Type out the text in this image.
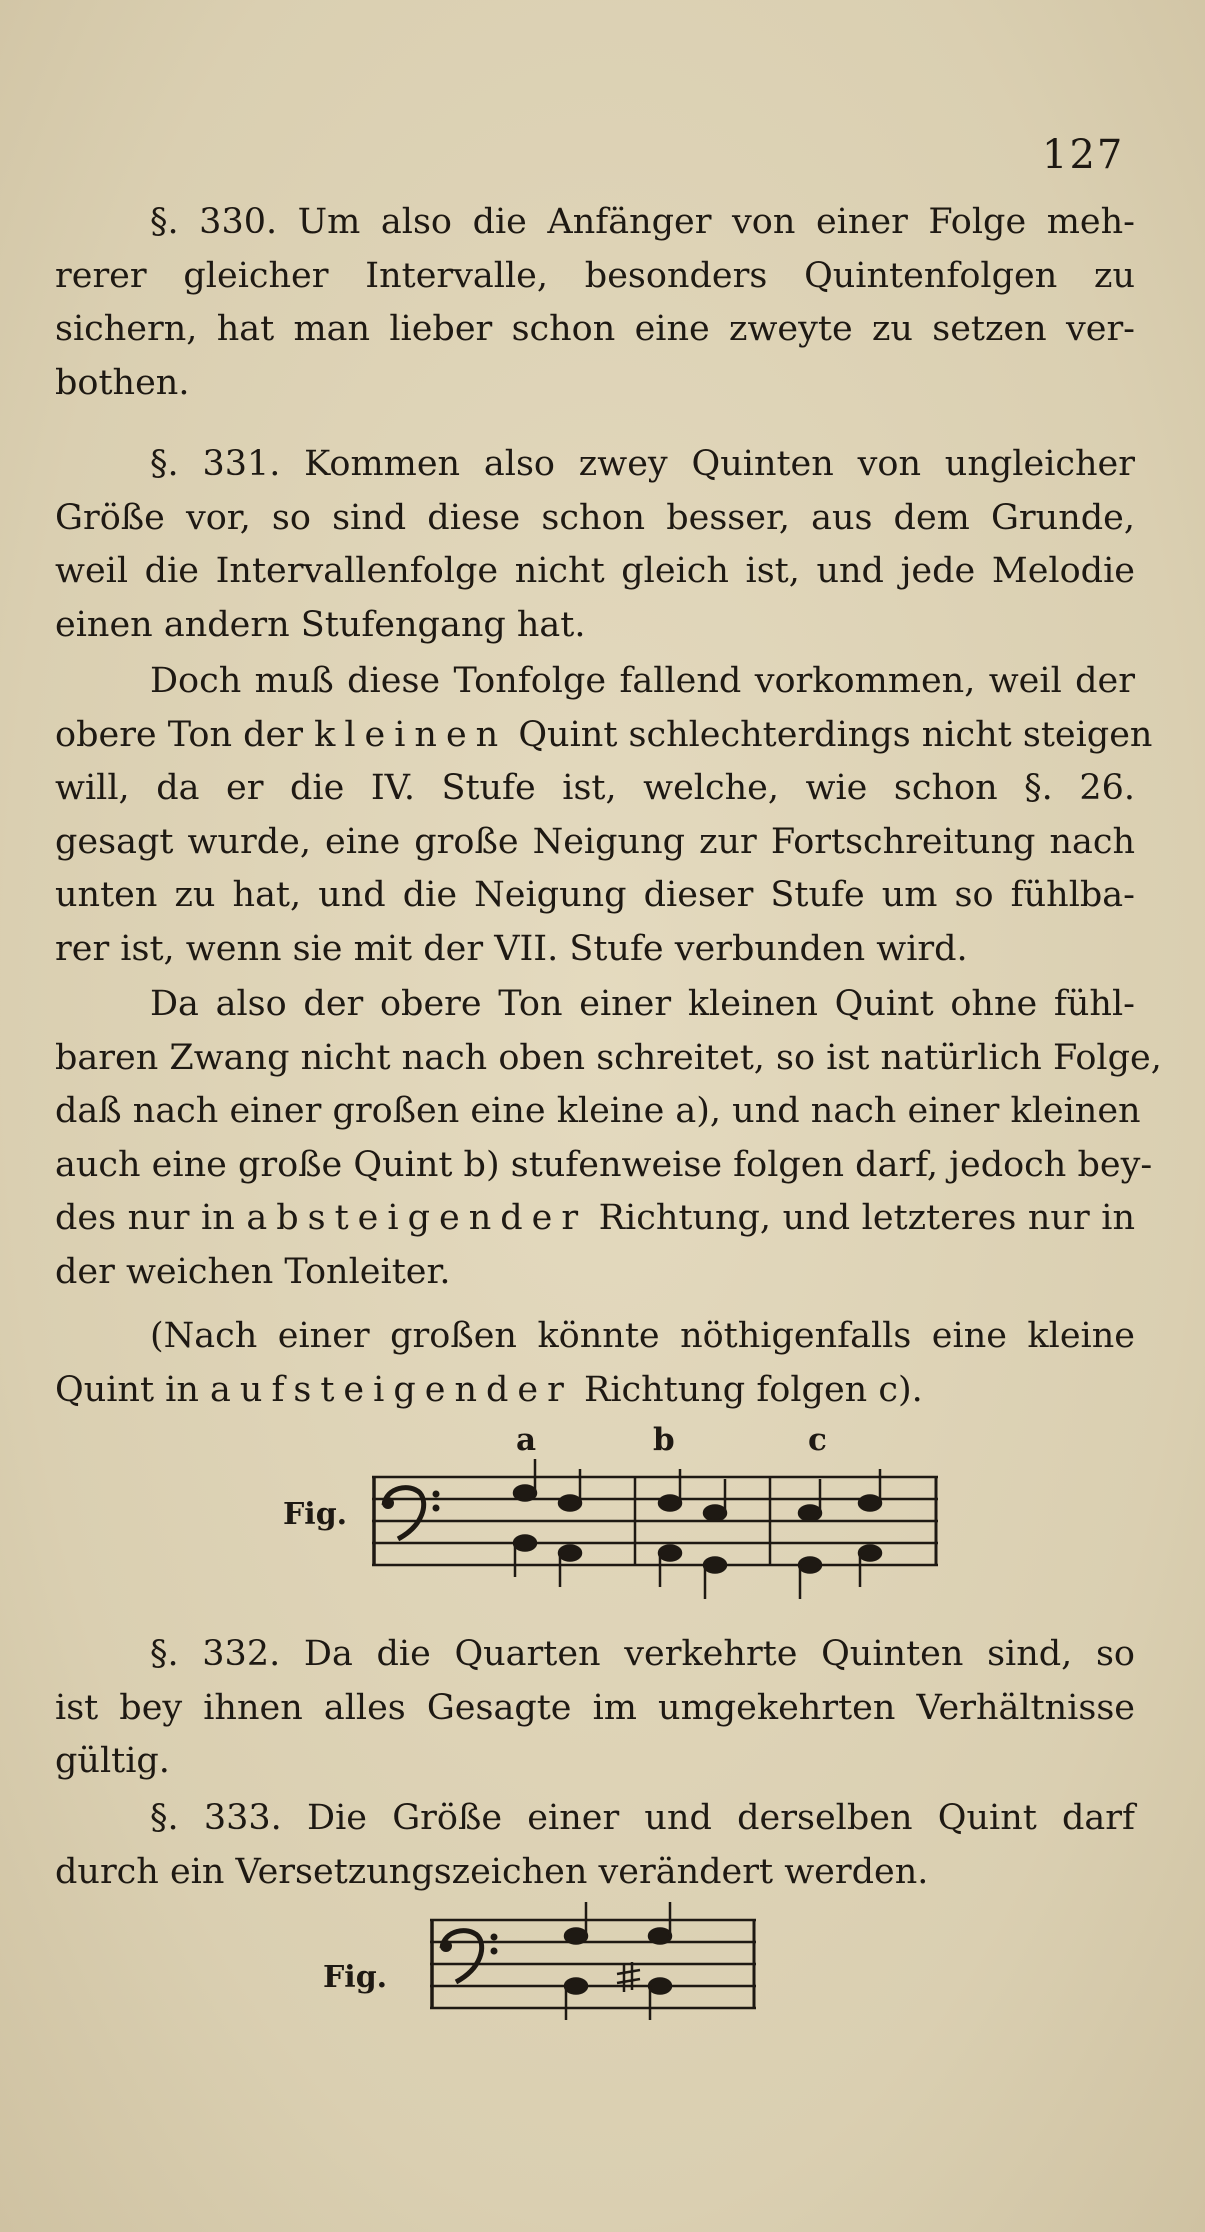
127
§. 330. Um also die Anfänger von einer Folge meh-
rerer gleicher Intervalle, besonders Quintenfolgen zu
sichern, hat man lieber schon eine zweyte zu setzen ver-
bothen.
§. 331. Kommen also zwey Quinten von ungleicher
Größe vor, so sind diese schon besser, aus dem Grunde,
weil die Intervallenfolge nicht gleich ist, und jede Melodie
einen andern Stufengang hat.
Doch muß diese Tonfolge fallend vorkommen, weil der
obere Ton der kleinen Quint schlechterdings nicht steigen
will, da er die IV. Stufe ist, welche, wie schon §. 26.
gesagt wurde, eine große Neigung zur Fortschreitung nach
unten zu hat, und die Neigung dieser Stufe um so fühlba-
rer ist, wenn sie mit der VII. Stufe verbunden wird.
Da also der obere Ton einer kleinen Quint ohne fühl-
baren Zwang nicht nach oben schreitet, so ist natürlich Folge,
daß nach einer großen eine kleine a), und nach einer kleinen
auch eine große Quint b) stufenweise folgen darf, jedoch bey-
des nur in absteigender Richtung, und letzteres nur in
der weichen Tonleiter.
(Nach einer großen könnte nöthigenfalls eine kleine
Quint in aufsteigender Richtung folgen c).
a	b	c
Fig.
§. 332. Da die Quarten verkehrte Quinten sind, so
ist bey ihnen alles Gesagte im umgekehrten Verhältnisse
gültig.
§. 333. Die Größe einer und derselben Quint darf
durch ein Versetzungszeichen verändert werden.
Fig.
